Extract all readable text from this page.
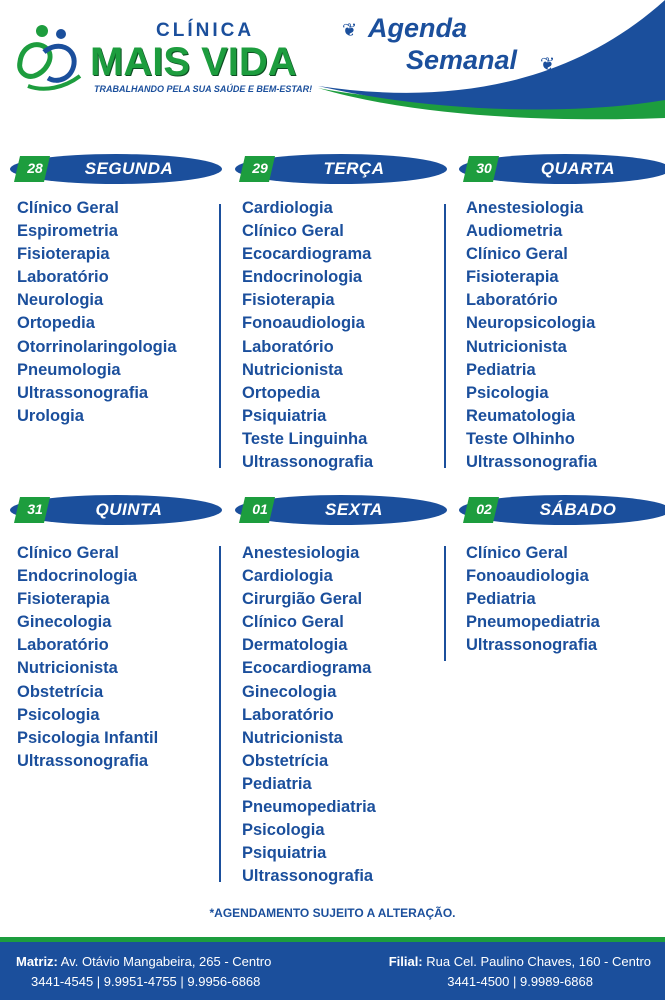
CLÍNICA
MAIS VIDA
TRABALHANDO PELA SUA SAÚDE E BEM-ESTAR!
❦ Agenda
Semanal ❦
28	SEGUNDA
Clínico Geral
Espirometria
Fisioterapia
Laboratório
Neurologia
Ortopedia
Otorrinolaringologia
Pneumologia
Ultrassonografia
Urologia
29	TERÇA
Cardiologia
Clínico Geral
Ecocardiograma
Endocrinologia
Fisioterapia
Fonoaudiologia
Laboratório
Nutricionista
Ortopedia
Psiquiatria
Teste Linguinha
Ultrassonografia
30	QUARTA
Anestesiologia
Audiometria
Clínico Geral
Fisioterapia
Laboratório
Neuropsicologia
Nutricionista
Pediatria
Psicologia
Reumatologia
Teste Olhinho
Ultrassonografia
31	QUINTA
Clínico Geral
Endocrinologia
Fisioterapia
Ginecologia
Laboratório
Nutricionista
Obstetrícia
Psicologia
Psicologia Infantil
Ultrassonografia
01	SEXTA
Anestesiologia
Cardiologia
Cirurgião Geral
Clínico Geral
Dermatologia
Ecocardiograma
Ginecologia
Laboratório
Nutricionista
Obstetrícia
Pediatria
Pneumopediatria
Psicologia
Psiquiatria
Ultrassonografia
02	SÁBADO
Clínico Geral
Fonoaudiologia
Pediatria
Pneumopediatria
Ultrassonografia
*AGENDAMENTO SUJEITO A ALTERAÇÃO.
Matriz: Av. Otávio Mangabeira, 265 - Centro
3441-4545 | 9.9951-4755 | 9.9956-6868
Filial: Rua Cel. Paulino Chaves, 160 - Centro
3441-4500 | 9.9989-6868
